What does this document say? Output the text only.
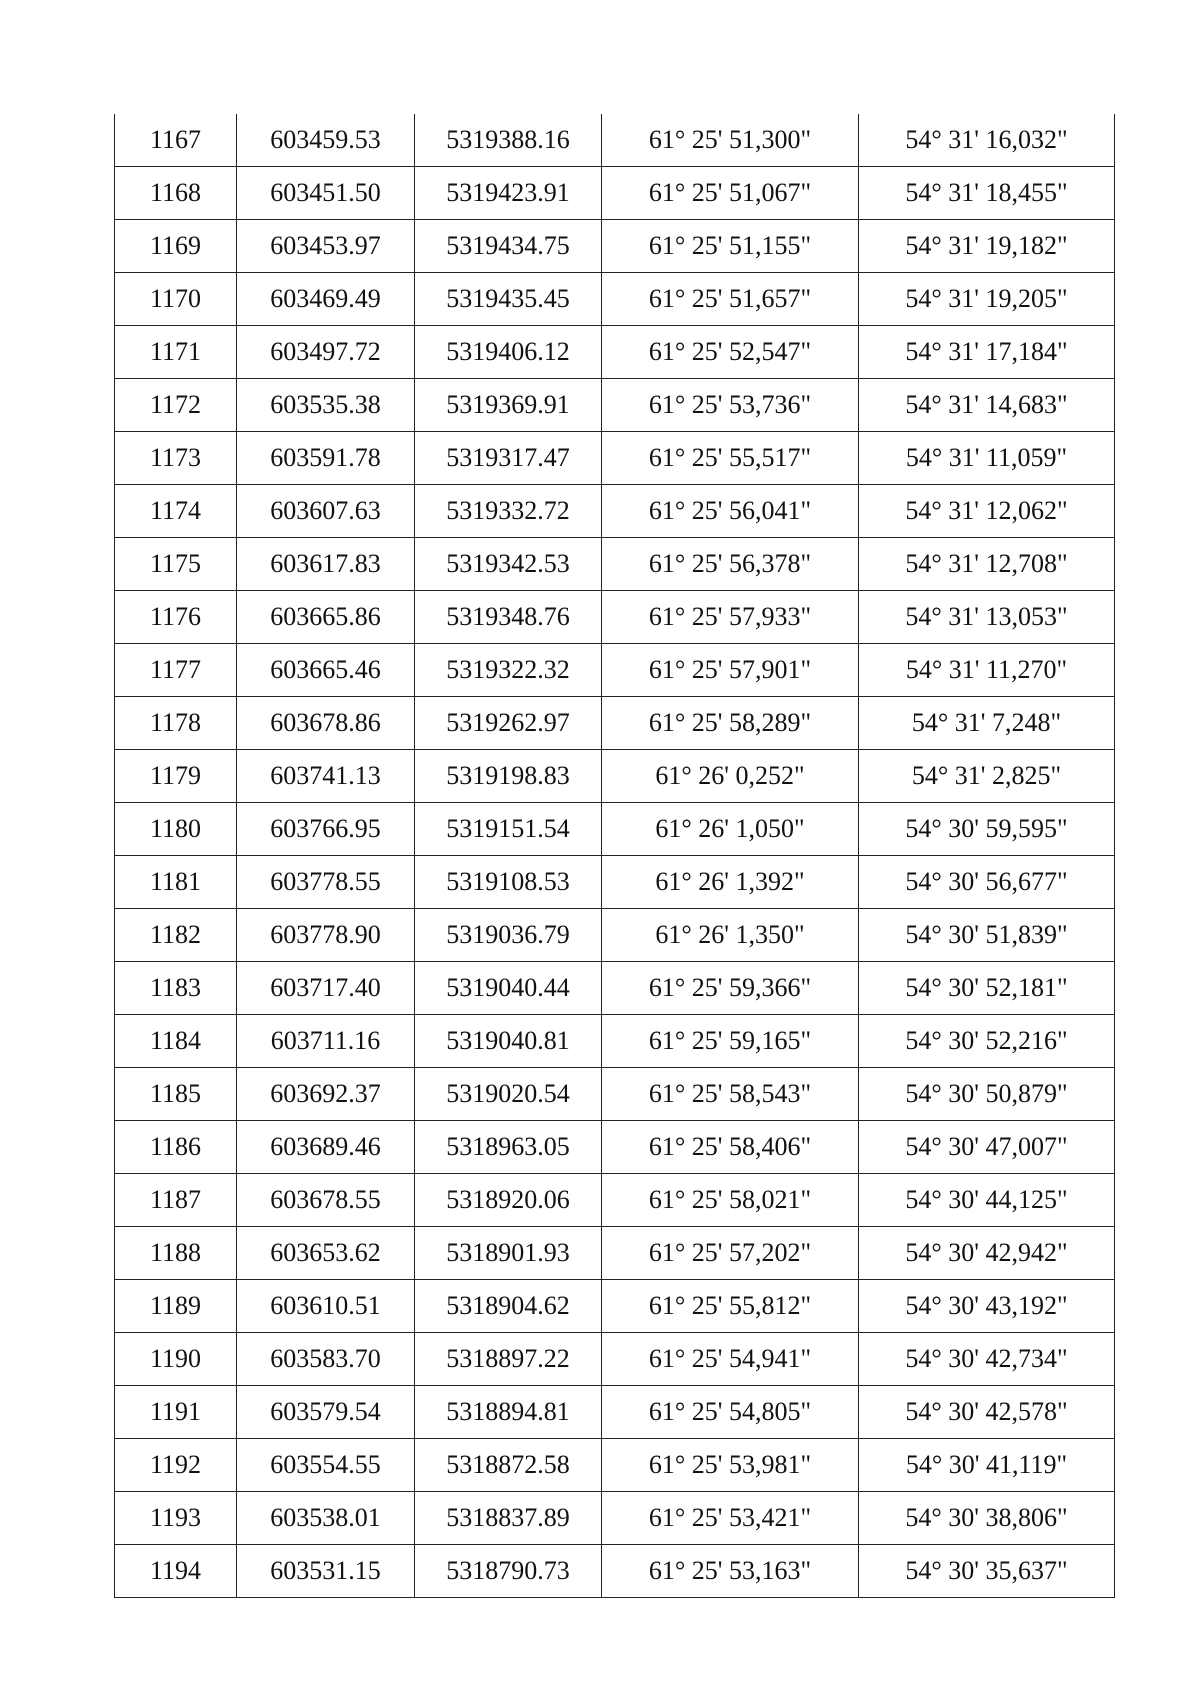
1167	603459.53	5319388.16	61° 25' 51,300"	54° 31' 16,032"
1168	603451.50	5319423.91	61° 25' 51,067"	54° 31' 18,455"
1169	603453.97	5319434.75	61° 25' 51,155"	54° 31' 19,182"
1170	603469.49	5319435.45	61° 25' 51,657"	54° 31' 19,205"
1171	603497.72	5319406.12	61° 25' 52,547"	54° 31' 17,184"
1172	603535.38	5319369.91	61° 25' 53,736"	54° 31' 14,683"
1173	603591.78	5319317.47	61° 25' 55,517"	54° 31' 11,059"
1174	603607.63	5319332.72	61° 25' 56,041"	54° 31' 12,062"
1175	603617.83	5319342.53	61° 25' 56,378"	54° 31' 12,708"
1176	603665.86	5319348.76	61° 25' 57,933"	54° 31' 13,053"
1177	603665.46	5319322.32	61° 25' 57,901"	54° 31' 11,270"
1178	603678.86	5319262.97	61° 25' 58,289"	54° 31' 7,248"
1179	603741.13	5319198.83	61° 26' 0,252"	54° 31' 2,825"
1180	603766.95	5319151.54	61° 26' 1,050"	54° 30' 59,595"
1181	603778.55	5319108.53	61° 26' 1,392"	54° 30' 56,677"
1182	603778.90	5319036.79	61° 26' 1,350"	54° 30' 51,839"
1183	603717.40	5319040.44	61° 25' 59,366"	54° 30' 52,181"
1184	603711.16	5319040.81	61° 25' 59,165"	54° 30' 52,216"
1185	603692.37	5319020.54	61° 25' 58,543"	54° 30' 50,879"
1186	603689.46	5318963.05	61° 25' 58,406"	54° 30' 47,007"
1187	603678.55	5318920.06	61° 25' 58,021"	54° 30' 44,125"
1188	603653.62	5318901.93	61° 25' 57,202"	54° 30' 42,942"
1189	603610.51	5318904.62	61° 25' 55,812"	54° 30' 43,192"
1190	603583.70	5318897.22	61° 25' 54,941"	54° 30' 42,734"
1191	603579.54	5318894.81	61° 25' 54,805"	54° 30' 42,578"
1192	603554.55	5318872.58	61° 25' 53,981"	54° 30' 41,119"
1193	603538.01	5318837.89	61° 25' 53,421"	54° 30' 38,806"
1194	603531.15	5318790.73	61° 25' 53,163"	54° 30' 35,637"
